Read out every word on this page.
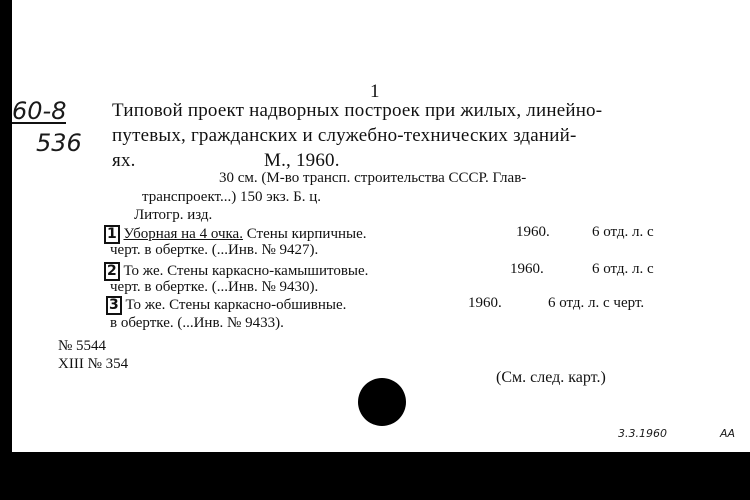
1
60-8
536
Типовой проект надворных построек при жилых, линейно-
путевых, гражданских и служебно-технических зданий-
ях.	М., 1960.
30 см. (М-во трансп. строительства СССР. Глав-
транспроект...) 150 экз. Б. ц.
Литогр. изд.
1 Уборная на 4 очка. Стены кирпичные.	1960.	6 отд. л. с
черт. в обертке. (...Инв. № 9427).
2 То же. Стены каркасно-камышитовые.	1960.	6 отд. л. с
черт. в обертке. (...Инв. № 9430).
3 То же. Стены каркасно-обшивные.	1960.	6 отд. л. с черт.
в обертке. (...Инв. № 9433).
№ 5544
XIII № 354
(См. след. карт.)
3.3.1960	АА
